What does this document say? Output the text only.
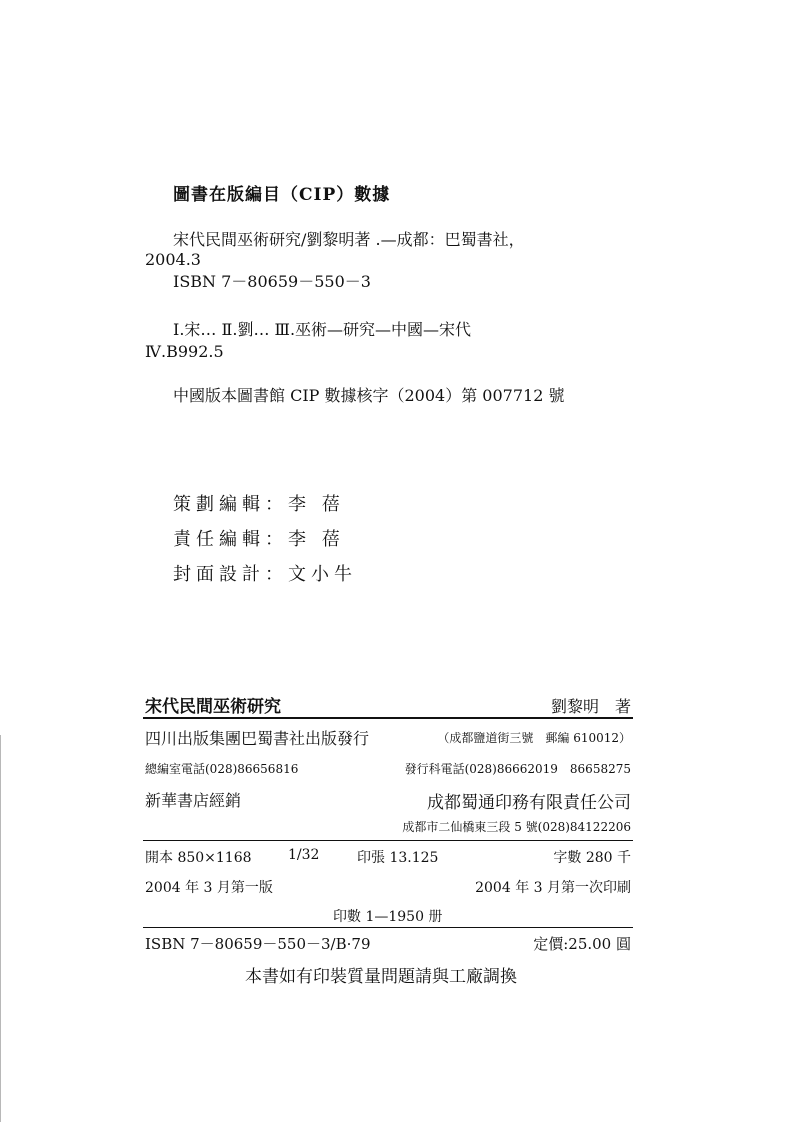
圖書在版編目（CIP）數據
宋代民間巫術研究/劉黎明著 .—成都：巴蜀書社，
2004.3
ISBN 7－80659－550－3
Ⅰ.宋… Ⅱ.劉… Ⅲ.巫術—研究—中國—宋代
Ⅳ.B992.5
中國版本圖書館 CIP 數據核字（2004）第 007712 號
策劃編輯：李 蓓
責任編輯：李 蓓
封面設計：文小牛
宋代民間巫術研究	劉黎明　著
四川出版集團巴蜀書社出版發行	（成都鹽道街三號　郵編 610012）
總編室電話(028)86656816	發行科電話(028)86662019　86658275
新華書店經銷	成都蜀通印務有限責任公司
成都市二仙橋東三段 5 號(028)84122206
開本 850×1168	1/32	印張 13.125	字數 280 千
2004 年 3 月第一版	2004 年 3 月第一次印刷
印數 1—1950 册
ISBN 7－80659－550－3/B·79	定價:25.00 圓
本書如有印裝質量問題請與工廠調換
